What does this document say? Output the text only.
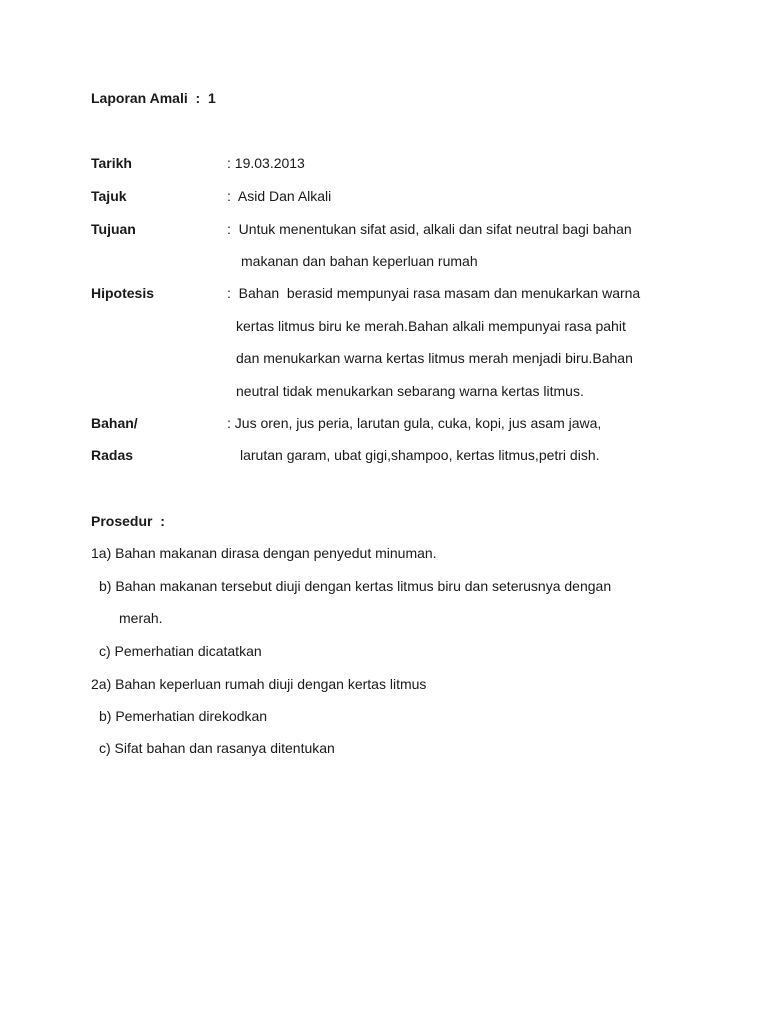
Laporan Amali  :  1
Tarikh	: 19.03.2013
Tajuk	:  Asid Dan Alkali
Tujuan	:  Untuk menentukan sifat asid, alkali dan sifat neutral bagi bahan
makanan dan bahan keperluan rumah
Hipotesis	:  Bahan  berasid mempunyai rasa masam dan menukarkan warna
kertas litmus biru ke merah.Bahan alkali mempunyai rasa pahit
dan menukarkan warna kertas litmus merah menjadi biru.Bahan
neutral tidak menukarkan sebarang warna kertas litmus.
Bahan/	: Jus oren, jus peria, larutan gula, cuka, kopi, jus asam jawa,
Radas	larutan garam, ubat gigi,shampoo, kertas litmus,petri dish.
Prosedur  :
1a) Bahan makanan dirasa dengan penyedut minuman.
b) Bahan makanan tersebut diuji dengan kertas litmus biru dan seterusnya dengan
merah.
c) Pemerhatian dicatatkan
2a) Bahan keperluan rumah diuji dengan kertas litmus
b) Pemerhatian direkodkan
c) Sifat bahan dan rasanya ditentukan
